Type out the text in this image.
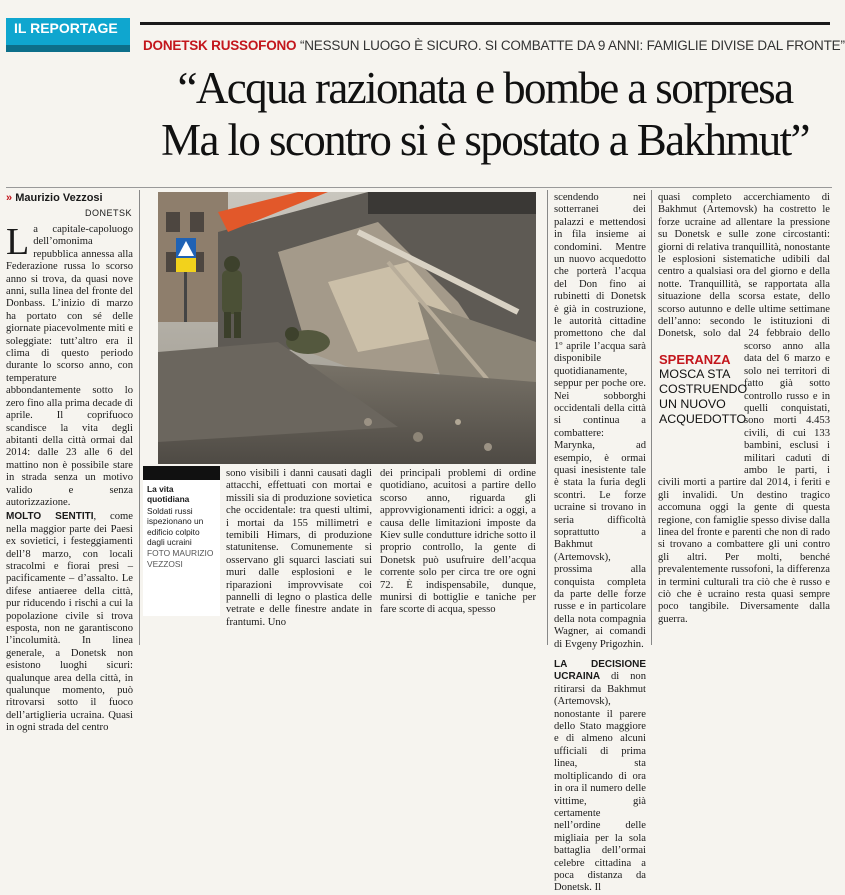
IL REPORTAGE
DONETSK RUSSOFONO “NESSUN LUOGO È SICURO. SI COMBATTE DA 9 ANNI: FAMIGLIE DIVISE DAL FRONTE”
“Acqua razionata e bombe a sorpresa
Ma lo scontro si è spostato a Bakhmut”
» Maurizio Vezzosi
DONETSK

La capitale-capoluogo dell’omonima repubblica annessa alla Federazione russa lo scorso anno si trova, da quasi nove anni, sulla linea del fronte del Donbass. L’inizio di marzo ha portato con sé delle giornate piacevolmente miti e soleggiate: tutt’altro era il clima di questo periodo durante lo scorso anno, con temperature abbondantemente sotto lo zero fino alla prima decade di aprile. Il coprifuoco scandisce la vita degli abitanti della città ormai dal 2014: dalle 23 alle 6 del mattino non è possibile stare in strada senza un motivo valido e senza autorizzazione.

MOLTO SENTITI, come nella maggior parte dei Paesi ex sovietici, i festeggiamenti dell’8 marzo, con locali stracolmi e fiorai presi – pacificamente – d’assalto. Le difese antiaeree della città, pur riducendo i rischi a cui la popolazione civile si trova esposta, non ne garantiscono l’incolumità. In linea generale, a Donetsk non esistono luoghi sicuri: qualunque area della città, in qualunque momento, può ritrovarsi sotto il fuoco dell’artiglieria ucraina. Quasi in ogni strada del centro

La vita quotidiana
Soldati russi ispezionano un edificio colpito dagli ucraini
FOTO MAURIZIO VEZZOSI

sono visibili i danni causati dagli attacchi, effettuati con mortai e missili sia di produzione sovietica che occidentale: tra questi ultimi, i mortai da 155 millimetri e temibili Himars, di produzione statunitense. Comunemente si osservano gli squarci lasciati sui muri dalle esplosioni e le riparazioni improvvisate coi pannelli di legno o plastica delle vetrate e delle finestre andate in frantumi. Uno

dei principali problemi di ordine quotidiano, acuitosi a partire dello scorso anno, riguarda gli approvvigionamenti idrici: a oggi, a causa delle limitazioni imposte da Kiev sulle condutture idriche sotto il proprio controllo, la gente di Donetsk può usufruire dell’acqua corrente solo per circa tre ore ogni 72. È indispensabile, dunque, munirsi di bottiglie e taniche per fare scorte di acqua, spesso

scendendo nei sotterranei dei palazzi e mettendosi in fila insieme ai condomini. Mentre un nuovo acquedotto che porterà l’acqua del Don fino ai rubinetti di Donetsk è già in costruzione, le autorità cittadine promettono che dal 1º aprile l’acqua sarà disponibile quotidianamente, seppur per poche ore. Nei sobborghi occidentali della città si continua a combattere: Marynka, ad esempio, è ormai quasi inesistente tale è stata la furia degli scontri. Le forze ucraine si trovano in seria difficoltà soprattutto a Bakhmut (Artemovsk), prossima alla conquista completa da parte delle forze russe e in particolare della nota compagnia Wagner, ai comandi di Evgeny Prigozhin.

LA DECISIONE UCRAINA di non ritirarsi da Bakhmut (Artemovsk), nonostante il parere dello Stato maggiore e di almeno alcuni ufficiali di prima linea, sta moltiplicando di ora in ora il numero delle vittime, già certamente nell’ordine delle migliaia per la sola battaglia dell’ormai celebre cittadina a poca distanza da Donetsk. Il

SPERANZA
MOSCA STA COSTRUENDO UN NUOVO ACQUEDOTTO

quasi completo accerchiamento di Bakhmut (Artemovsk) ha costretto le forze ucraine ad allentare la pressione su Donetsk e sulle zone circostanti: giorni di relativa tranquillità, nonostante le esplosioni sistematiche udibili dal centro a qualsiasi ora del giorno e della notte. Tranquillità, se rapportata alla situazione della scorsa estate, dello scorso autunno e delle ultime settimane dell’anno: secondo le istituzioni di Donetsk, solo dal 24 febbraio dello scorso anno alla data del 6 marzo e solo nei territori di fatto già sotto controllo russo e in quelli conquistati, sono morti 4.453 civili, di cui 133 bambini, esclusi i militari caduti di ambo le parti, i civili morti a partire dal 2014, i feriti e gli invalidi. Un destino tragico accomuna oggi la gente di questa regione, con famiglie spesso divise dalla linea del fronte e parenti che non di rado si trovano a combattere gli uni contro gli altri. Per molti, benché prevalentemente russofoni, la differenza in termini culturali tra ciò che è russo e ciò che è ucraino resta quasi sempre poco tangibile. Diversamente dalla guerra.
